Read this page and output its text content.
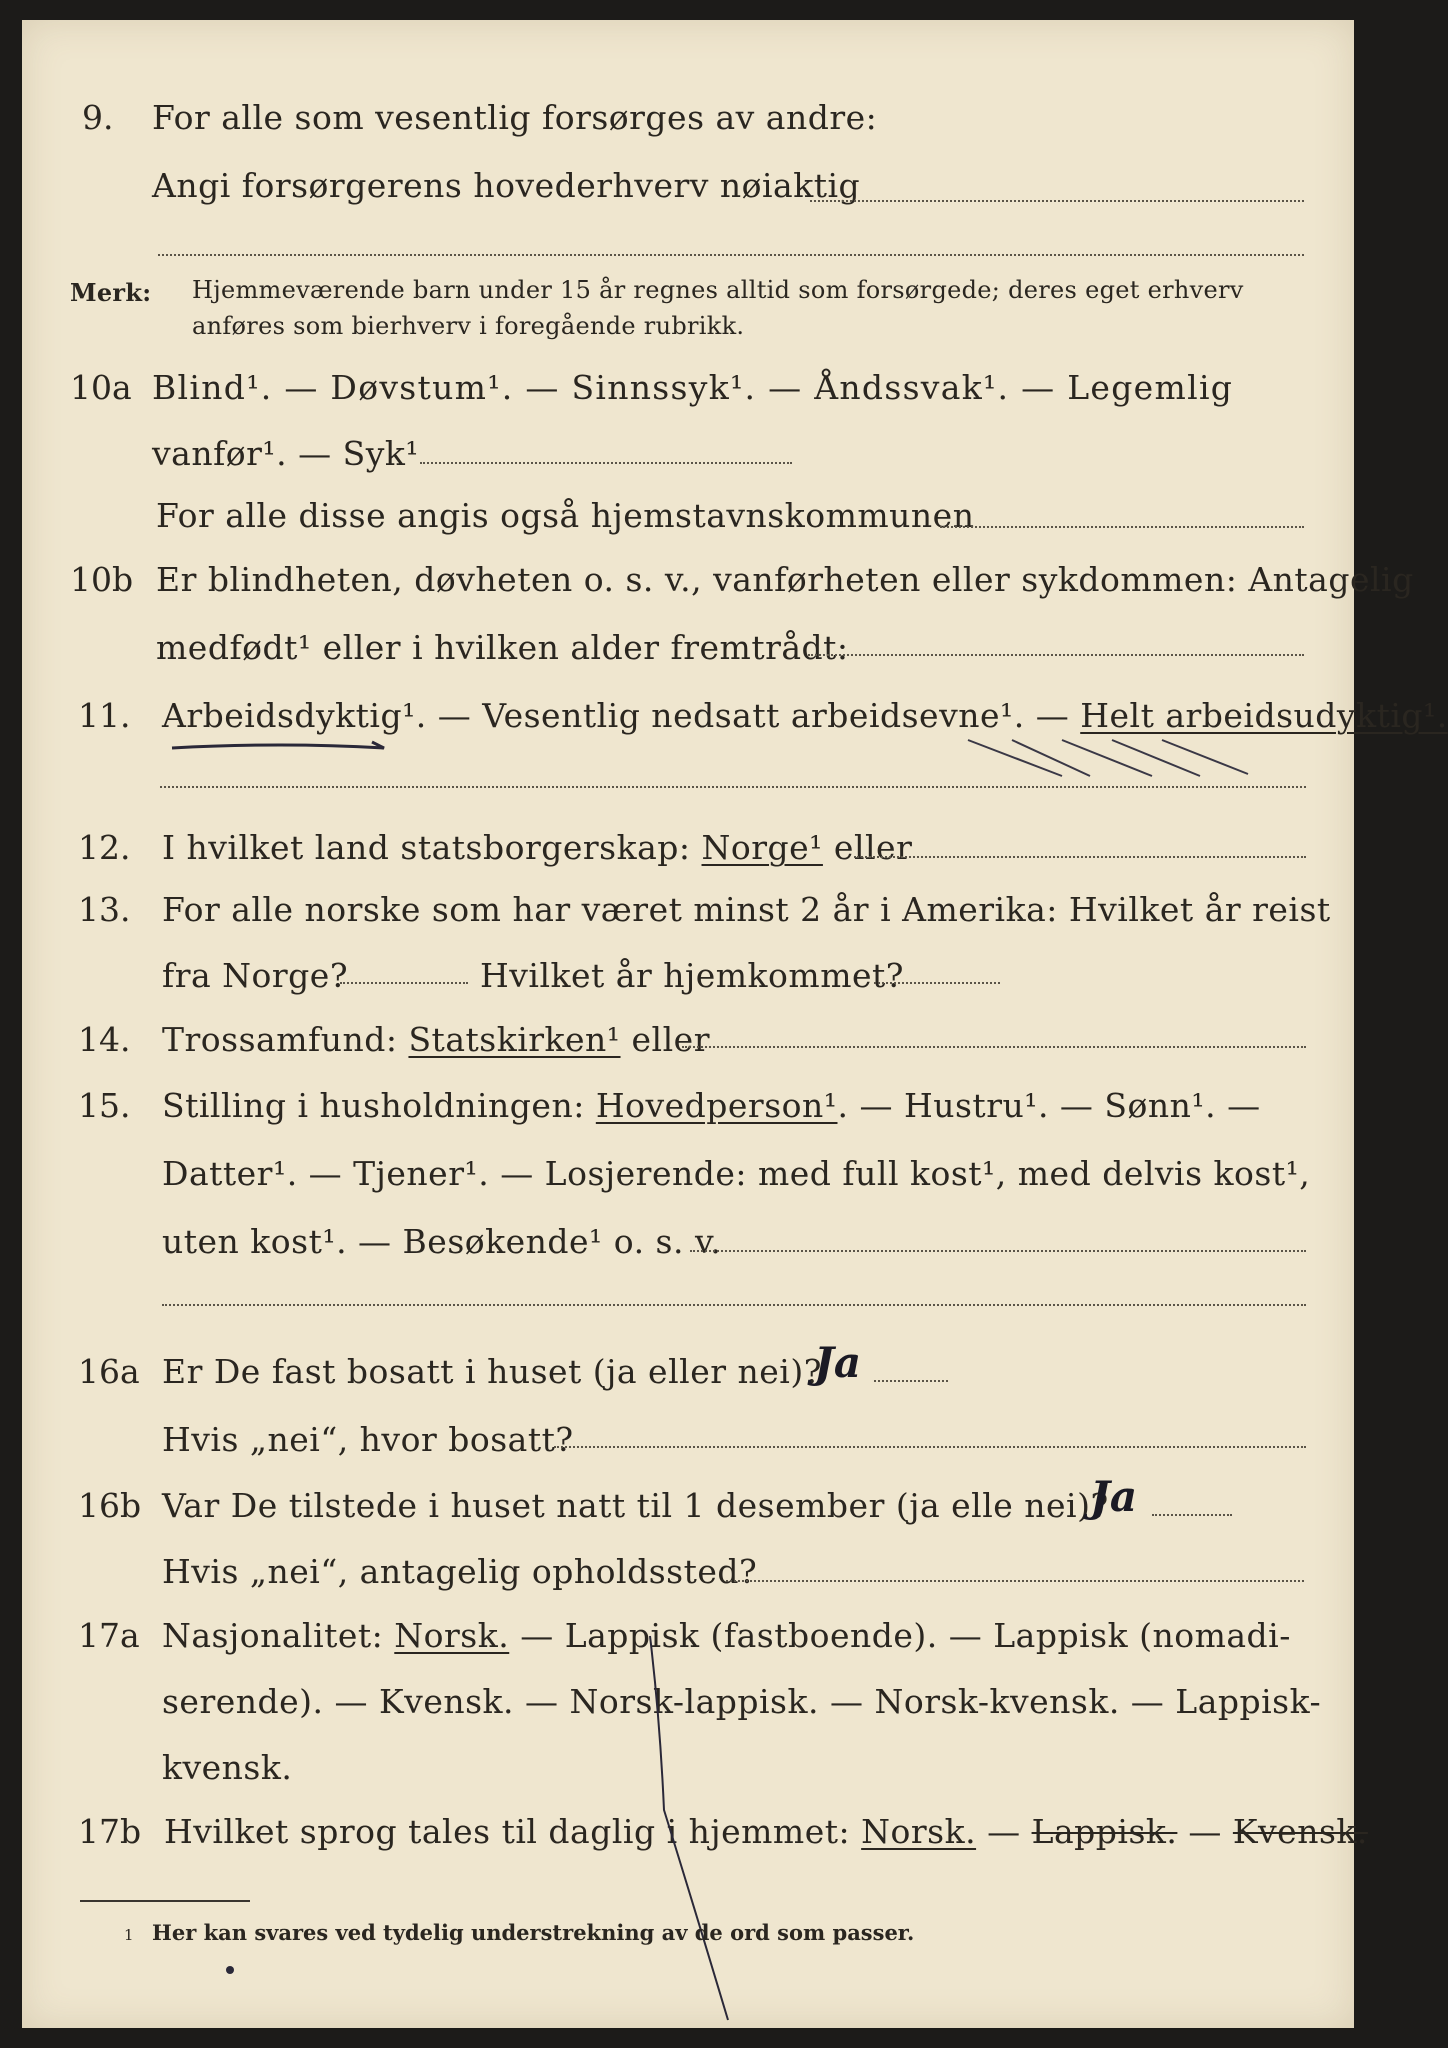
9. For alle som vesentlig forsørges av andre:
Angi forsørgerens hovederhverv nøiaktig
Merk: Hjemmeværende barn under 15 år regnes alltid som forsørgede; deres eget erhverv
anføres som bierhverv i foregående rubrikk.
10a Blind¹. — Døvstum¹. — Sinnssyk¹. — Åndssvak¹. — Legemlig
vanfør¹. — Syk¹
For alle disse angis også hjemstavnskommunen
10b Er blindheten, døvheten o. s. v., vanførheten eller sykdommen: Antagelig
medfødt¹ eller i hvilken alder fremtrådt:
11. Arbeidsdyktig¹. — Vesentlig nedsatt arbeidsevne¹. — Helt arbeidsudyktig¹.
12. I hvilket land statsborgerskap: Norge¹ eller
13. For alle norske som har været minst 2 år i Amerika: Hvilket år reist
fra Norge?	Hvilket år hjemkommet?
14. Trossamfund: Statskirken¹ eller
15. Stilling i husholdningen: Hovedperson¹. — Hustru¹. — Sønn¹. —
Datter¹. — Tjener¹. — Losjerende: med full kost¹, med delvis kost¹,
uten kost¹. — Besøkende¹ o. s. v.
16a Er De fast bosatt i huset (ja eller nei)?
Ja
Hvis „nei“, hvor bosatt?
16b Var De tilstede i huset natt til 1 desember (ja elle nei)?
Ja
Hvis „nei“, antagelig opholdssted?
17a Nasjonalitet: Norsk. — Lappisk (fastboende). — Lappisk (nomadi-
serende). — Kvensk. — Norsk-lappisk. — Norsk-kvensk. — Lappisk-
kvensk.
17b Hvilket sprog tales til daglig i hjemmet: Norsk. — Lappisk. — Kvensk.
1 Her kan svares ved tydelig understrekning av de ord som passer.
